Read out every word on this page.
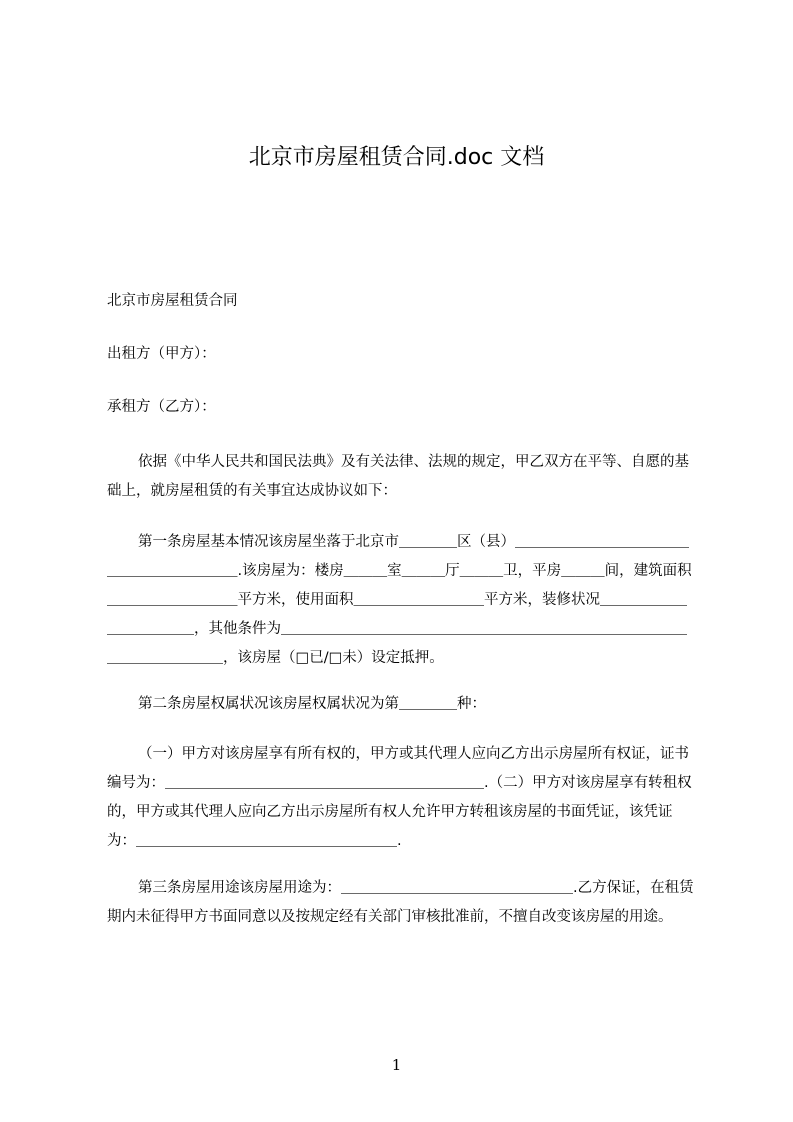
北京市房屋租赁合同.doc 文档
北京市房屋租赁合同
出租方（甲方）：
承租方（乙方）：
依据《中华人民共和国民法典》及有关法律、法规的规定，甲乙双方在平等、自愿的基础上，就房屋租赁的有关事宜达成协议如下：
第一条房屋基本情况该房屋坐落于北京市＿＿＿＿区（县）＿＿＿＿＿＿＿＿＿＿＿＿＿＿＿＿＿＿＿＿＿.该房屋为：楼房＿＿＿室＿＿＿厅＿＿＿卫，平房＿＿＿间，建筑面积＿＿＿＿＿＿＿＿＿平方米，使用面积＿＿＿＿＿＿＿＿＿平方米，装修状况＿＿＿＿＿＿＿＿＿＿＿＿，其他条件为＿＿＿＿＿＿＿＿＿＿＿＿＿＿＿＿＿＿＿＿＿＿＿＿＿＿＿＿＿＿＿＿＿＿＿＿，该房屋（□已/□未）设定抵押。
第二条房屋权属状况该房屋权属状况为第＿＿＿＿种：
（一）甲方对该房屋享有所有权的，甲方或其代理人应向乙方出示房屋所有权证，证书编号为：＿＿＿＿＿＿＿＿＿＿＿＿＿＿＿＿＿＿＿＿＿＿.（二）甲方对该房屋享有转租权的，甲方或其代理人应向乙方出示房屋所有权人允许甲方转租该房屋的书面凭证，该凭证为：＿＿＿＿＿＿＿＿＿＿＿＿＿＿＿＿＿＿.
第三条房屋用途该房屋用途为：＿＿＿＿＿＿＿＿＿＿＿＿＿＿＿＿.乙方保证，在租赁期内未征得甲方书面同意以及按规定经有关部门审核批准前，不擅自改变该房屋的用途。
1
